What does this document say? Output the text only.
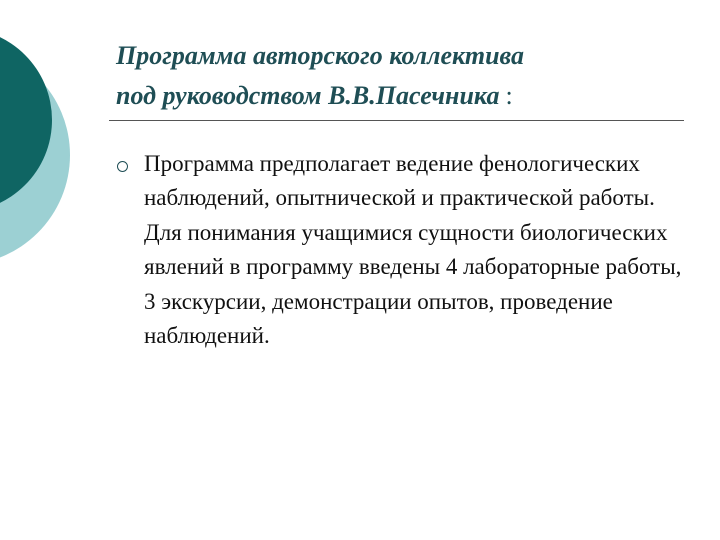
Программа авторского коллектива
под руководством В.В.Пасечника :
Программа предполагает ведение фенологических наблюдений, опытнической и практической работы. Для понимания учащимися сущности биологических явлений в программу введены 4 лабораторные работы, 3 экскурсии, демонстрации опытов, проведение наблюдений.
